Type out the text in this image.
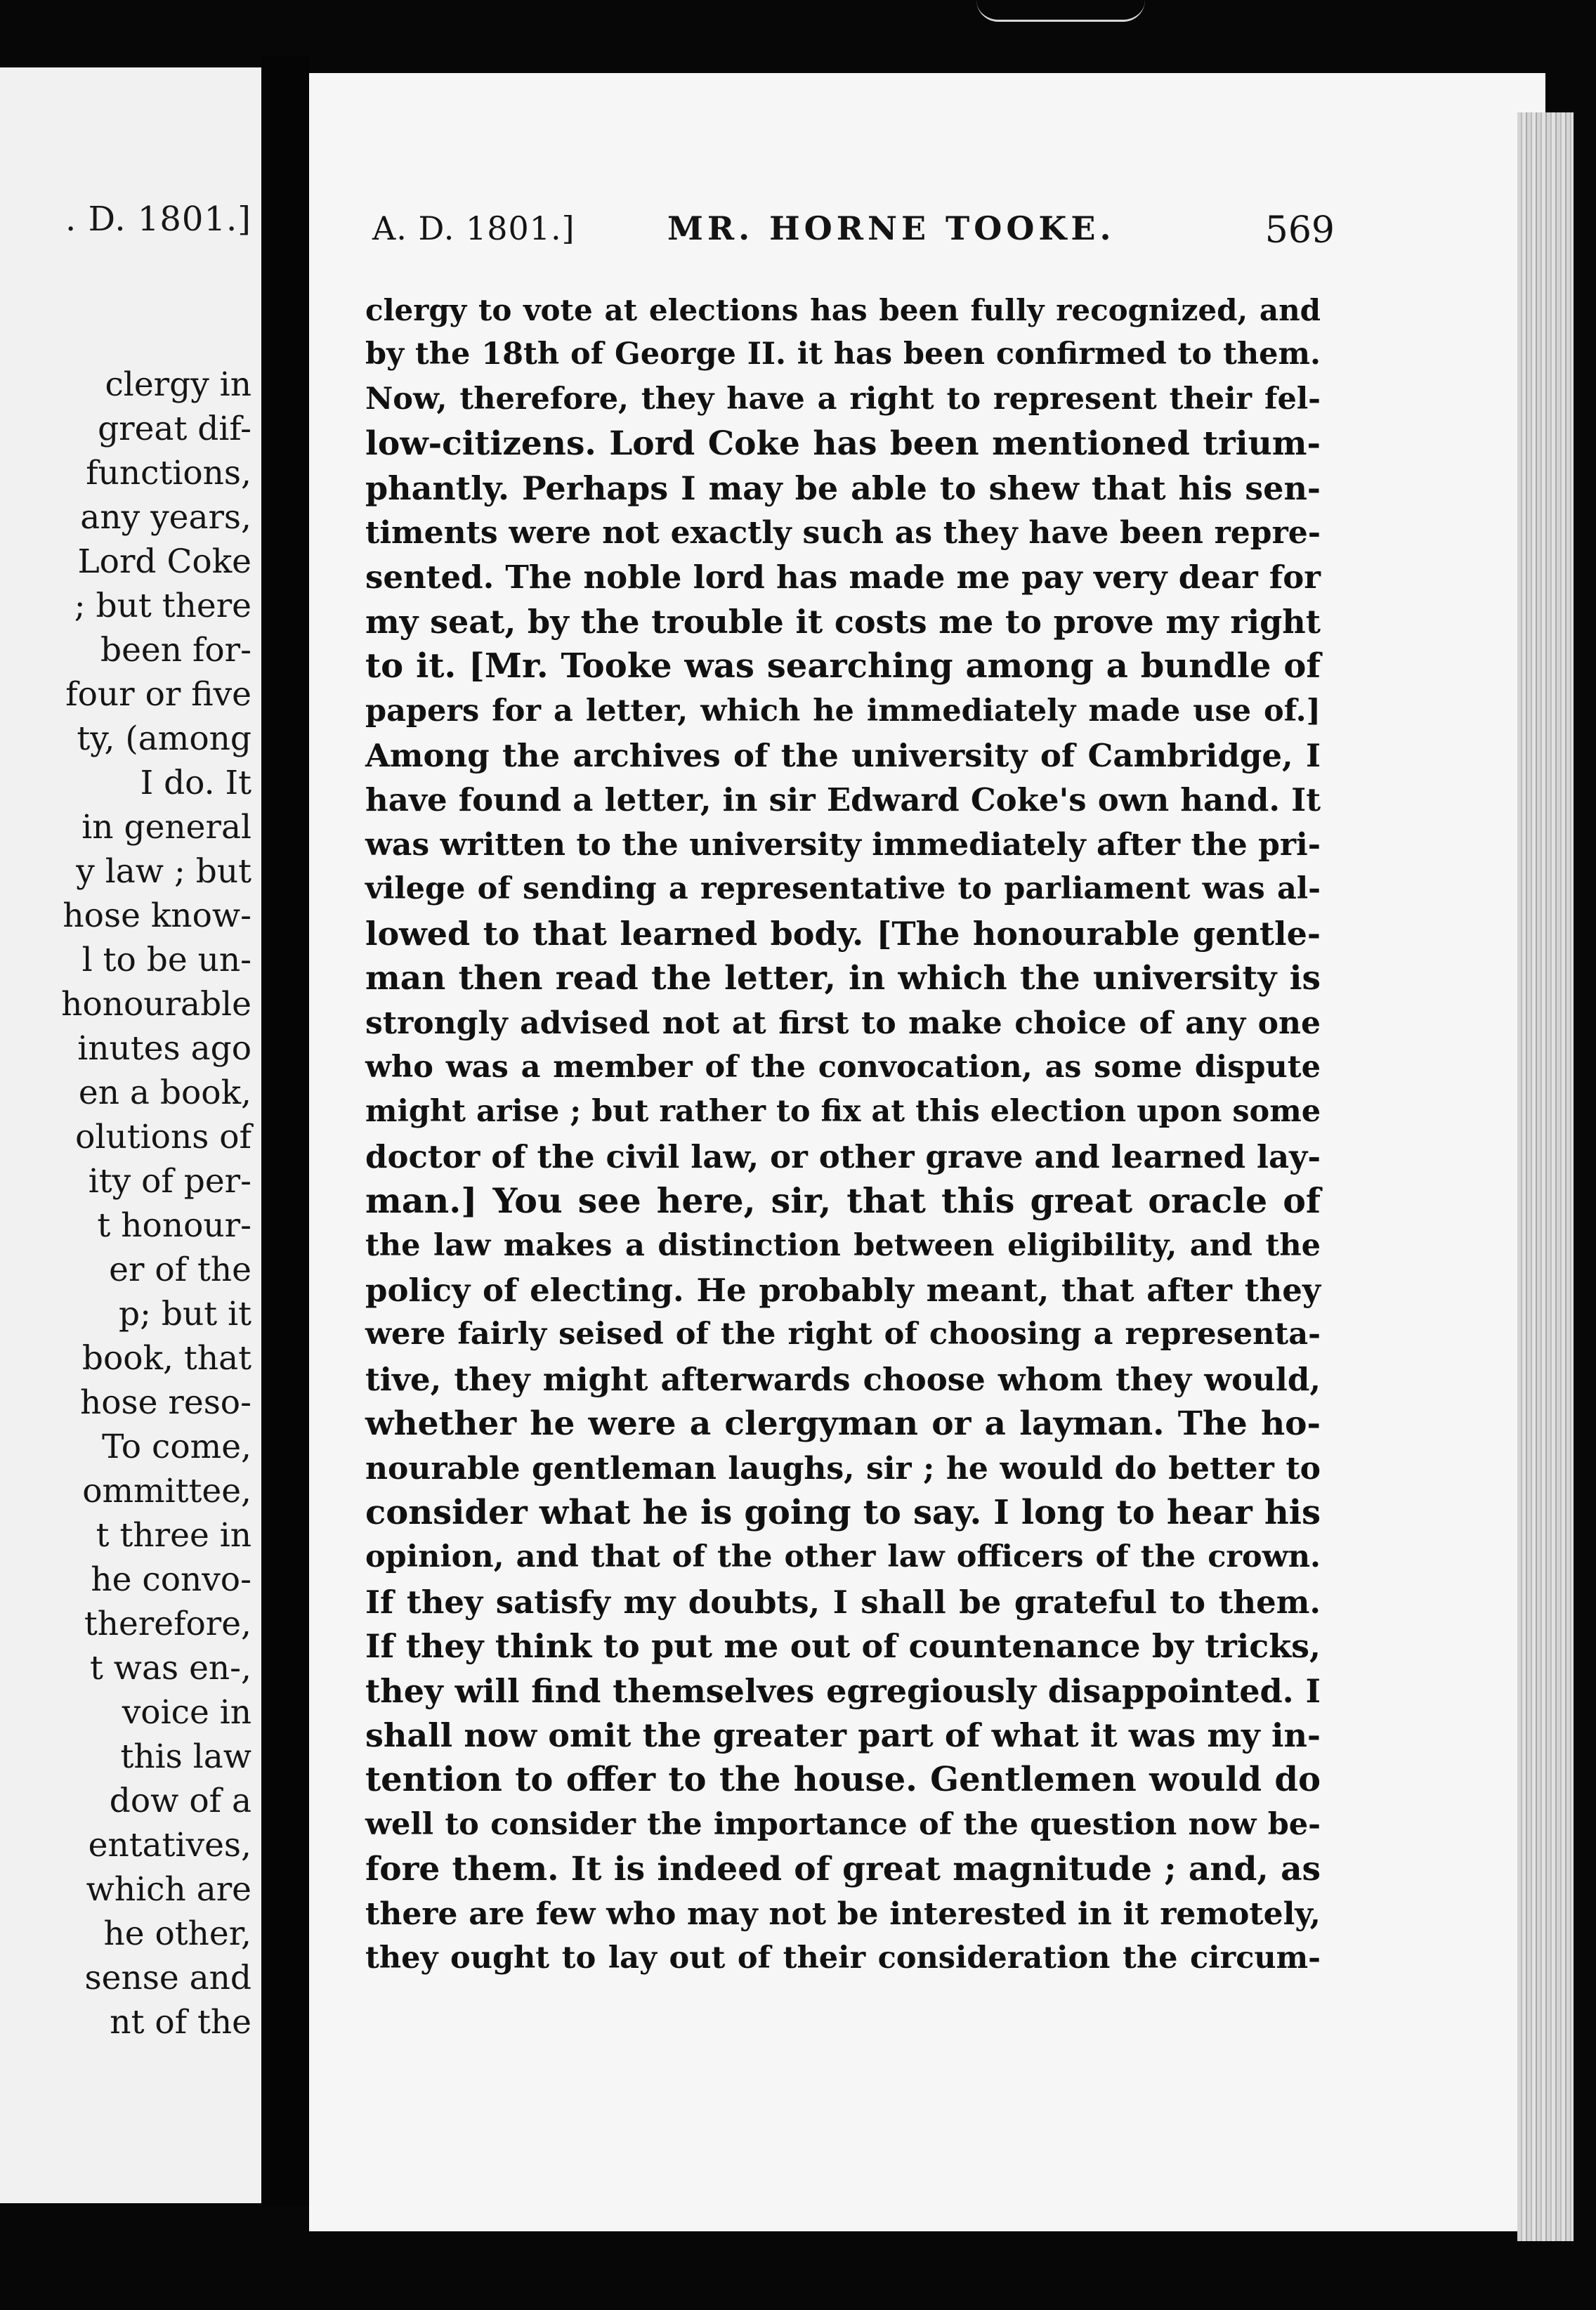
. D. 1801.]
clergy in
great dif-
functions,
any years,
Lord Coke
; but there
been for-
four or five
ty, (among
I do. It
in general
y law ; but
hose know-
l to be un-
honourable
inutes ago
en a book,
olutions of
ity of per-
t honour-
er of the
p; but it
book, that
hose reso-
To come,
ommittee,
t three in
he convo-
therefore,
t was en-,
voice in
this law
dow of a
entatives,
which are
he other,
sense and
nt of the
A. D. 1801.]	MR. HORNE TOOKE.	569
clergy to vote at elections has been fully recognized, and
by the 18th of George II. it has been confirmed to them.
Now, therefore, they have a right to represent their fel-
low-citizens. Lord Coke has been mentioned trium-
phantly. Perhaps I may be able to shew that his sen-
timents were not exactly such as they have been repre-
sented. The noble lord has made me pay very dear for
my seat, by the trouble it costs me to prove my right
to it. [Mr. Tooke was searching among a bundle of
papers for a letter, which he immediately made use of.]
Among the archives of the university of Cambridge, I
have found a letter, in sir Edward Coke's own hand. It
was written to the university immediately after the pri-
vilege of sending a representative to parliament was al-
lowed to that learned body. [The honourable gentle-
man then read the letter, in which the university is
strongly advised not at first to make choice of any one
who was a member of the convocation, as some dispute
might arise ; but rather to fix at this election upon some
doctor of the civil law, or other grave and learned lay-
man.] You see here, sir, that this great oracle of
the law makes a distinction between eligibility, and the
policy of electing. He probably meant, that after they
were fairly seised of the right of choosing a representa-
tive, they might afterwards choose whom they would,
whether he were a clergyman or a layman. The ho-
nourable gentleman laughs, sir ; he would do better to
consider what he is going to say. I long to hear his
opinion, and that of the other law officers of the crown.
If they satisfy my doubts, I shall be grateful to them.
If they think to put me out of countenance by tricks,
they will find themselves egregiously disappointed. I
shall now omit the greater part of what it was my in-
tention to offer to the house. Gentlemen would do
well to consider the importance of the question now be-
fore them. It is indeed of great magnitude ; and, as
there are few who may not be interested in it remotely,
they ought to lay out of their consideration the circum-
